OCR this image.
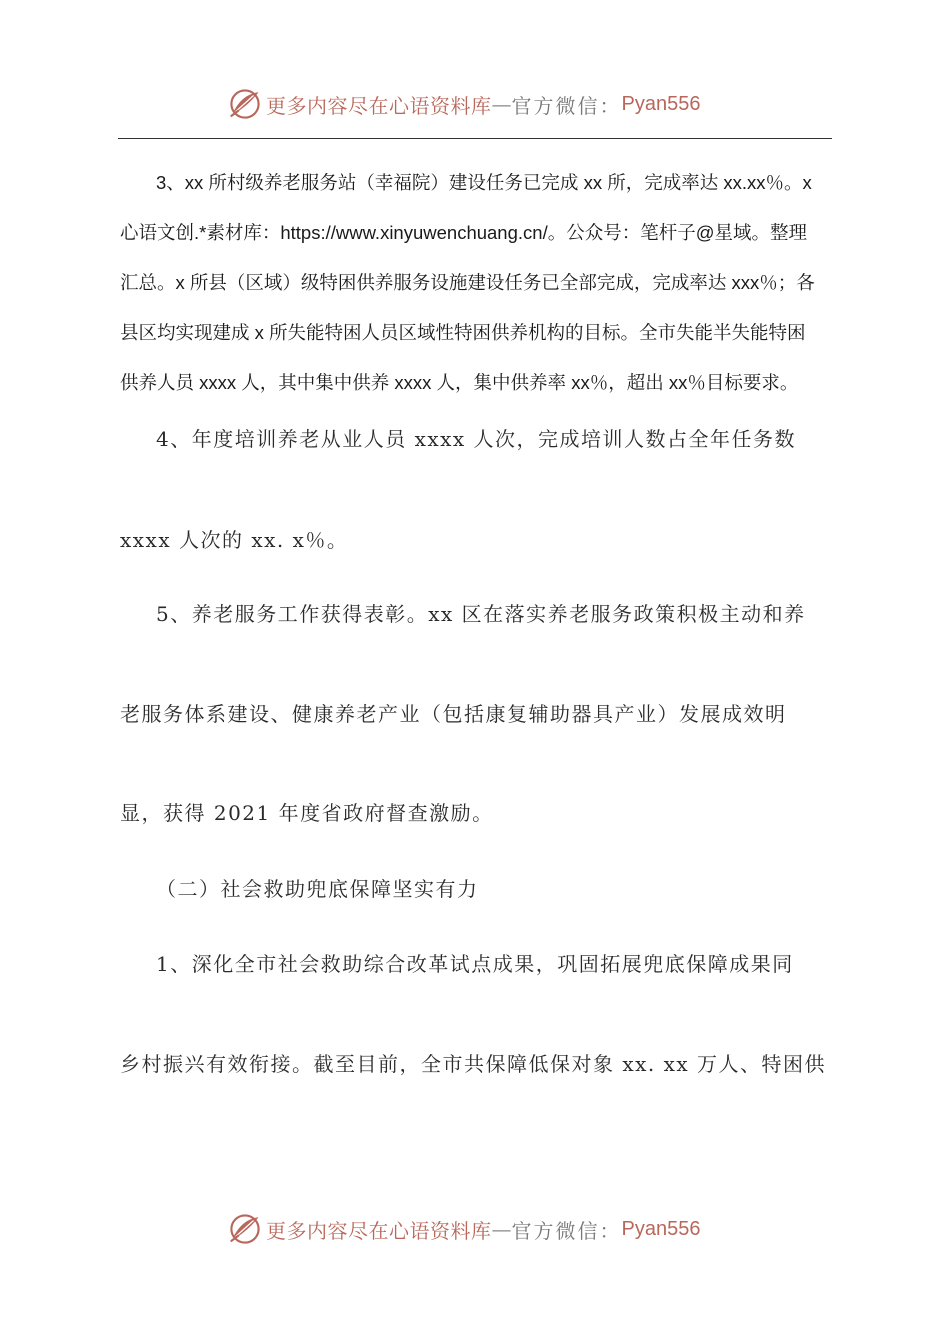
更多内容尽在心语资料库 — 官方微信： Pyan556
3、xx 所村级养老服务站（幸福院）建设任务已完成 xx 所，完成率达 xx.xx％。x
心语文创.*素材库：https://www.xinyuwenchuang.cn/。公众号：笔杆子@星域。整理
汇总。x 所县（区域）级特困供养服务设施建设任务已全部完成，完成率达 xxx％；各
县区均实现建成 x 所失能特困人员区域性特困供养机构的目标。全市失能半失能特困
供养人员 xxxx 人，其中集中供养 xxxx 人，集中供养率 xx％，超出 xx％目标要求。

4、年度培训养老从业人员 xxxx 人次，完成培训人数占全年任务数

xxxx 人次的 xx. x％。

5、养老服务工作获得表彰。xx 区在落实养老服务政策积极主动和养

老服务体系建设、健康养老产业（包括康复辅助器具产业）发展成效明

显，获得 2021 年度省政府督查激励。

（二）社会救助兜底保障坚实有力

1、深化全市社会救助综合改革试点成果，巩固拓展兜底保障成果同

乡村振兴有效衔接。截至目前，全市共保障低保对象 xx. xx 万人、特困供

更多内容尽在心语资料库 — 官方微信： Pyan556
